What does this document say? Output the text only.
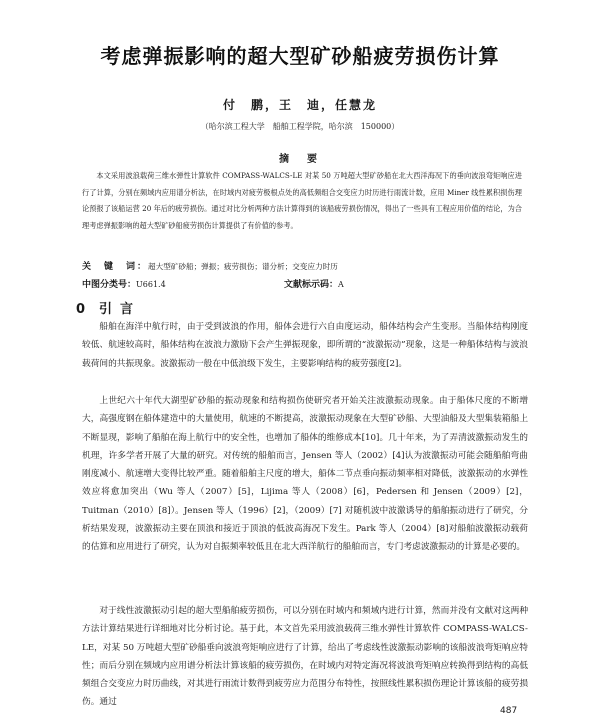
考虑弹振影响的超大型矿砂船疲劳损伤计算
付　鹏，王　迪，任慧龙
（哈尔滨工程大学　船舶工程学院，哈尔滨　150000）
摘　要
本文采用波浪载荷三维水弹性计算软件 COMPASS-WALCS-LE 对某 50 万吨超大型矿砂船在北大西洋海况下的垂向波浪弯矩响应进行了计算，分别在频域内应用谱分析法，在时域内对疲劳极根点处的高低频组合交变应力时历进行雨流计数，应用 Miner 线性累积损伤理论预报了该船运营 20 年后的疲劳损伤。通过对比分析两种方法计算得到的该船疲劳损伤情况，得出了一些具有工程应用价值的结论，为合理考虑弹振影响的超大型矿砂船疲劳损伤计算提供了有价值的参考。
关　键　词：超大型矿砂船；弹振；疲劳损伤；谱分析；交变应力时历
中图分类号：U661.4	文献标示码：A
0 引言

船舶在海洋中航行时，由于受到波浪的作用，船体会进行六自由度运动，船体结构会产生变形。当船体结构刚度较低、航速较高时，船体结构在波浪力激励下会产生弹振现象，即所谓的“波激振动”现象，这是一种船体结构与波浪载荷间的共振现象。波激振动一般在中低浪级下发生，主要影响结构的疲劳强度[2]。

上世纪六十年代大湖型矿砂船的振动现象和结构损伤使研究者开始关注波激振动现象。由于船体尺度的不断增大，高强度钢在船体建造中的大量使用，航速的不断提高，波激振动现象在大型矿砂船、大型油船及大型集装箱船上不断显现，影响了船舶在海上航行中的安全性，也增加了船体的维修成本[10]。几十年来，为了弄清波激振动发生的机理，许多学者开展了大量的研究。对传统的船舶而言，Jensen 等人（2002）[4]认为波激振动可能会随船舶弯曲刚度减小、航速增大变得比较严重。随着船舶主尺度的增大，船体二节点垂向振动频率相对降低，波激振动的水弹性效应将愈加突出（Wu 等人（2007）[5]，Lijima 等人（2008）[6]，Pedersen 和 Jensen（2009）[2]，Tuitman（2010）[8]）。Jensen 等人（1996）[2]，（2009）[7] 对随机波中波激诱导的船舶振动进行了研究，分析结果发现，波激振动主要在顶浪和接近于顶浪的低波高海况下发生。Park 等人（2004）[8]对船舶波激振动载荷的估算和应用进行了研究，认为对自振频率较低且在北大西洋航行的船舶而言，专门考虑波激振动的计算是必要的。

对于线性波激振动引起的超大型船舶疲劳损伤，可以分别在时域内和频域内进行计算，然而并没有文献对这两种方法计算结果进行详细地对比分析讨论。基于此，本文首先采用波浪载荷三维水弹性计算软件 COMPASS-WALCS-LE，对某 50 万吨超大型矿砂船垂向波浪弯矩响应进行了计算，给出了考虑线性波激振动影响的该船波浪弯矩响应特性；而后分别在频域内应用谱分析法计算该船的疲劳损伤，在时域内对特定海况将波浪弯矩响应转换得到结构的高低频组合交变应力时历曲线，对其进行雨流计数得到疲劳应力范围分布特性，按照线性累积损伤理论计算该船的疲劳损伤。通过

487
